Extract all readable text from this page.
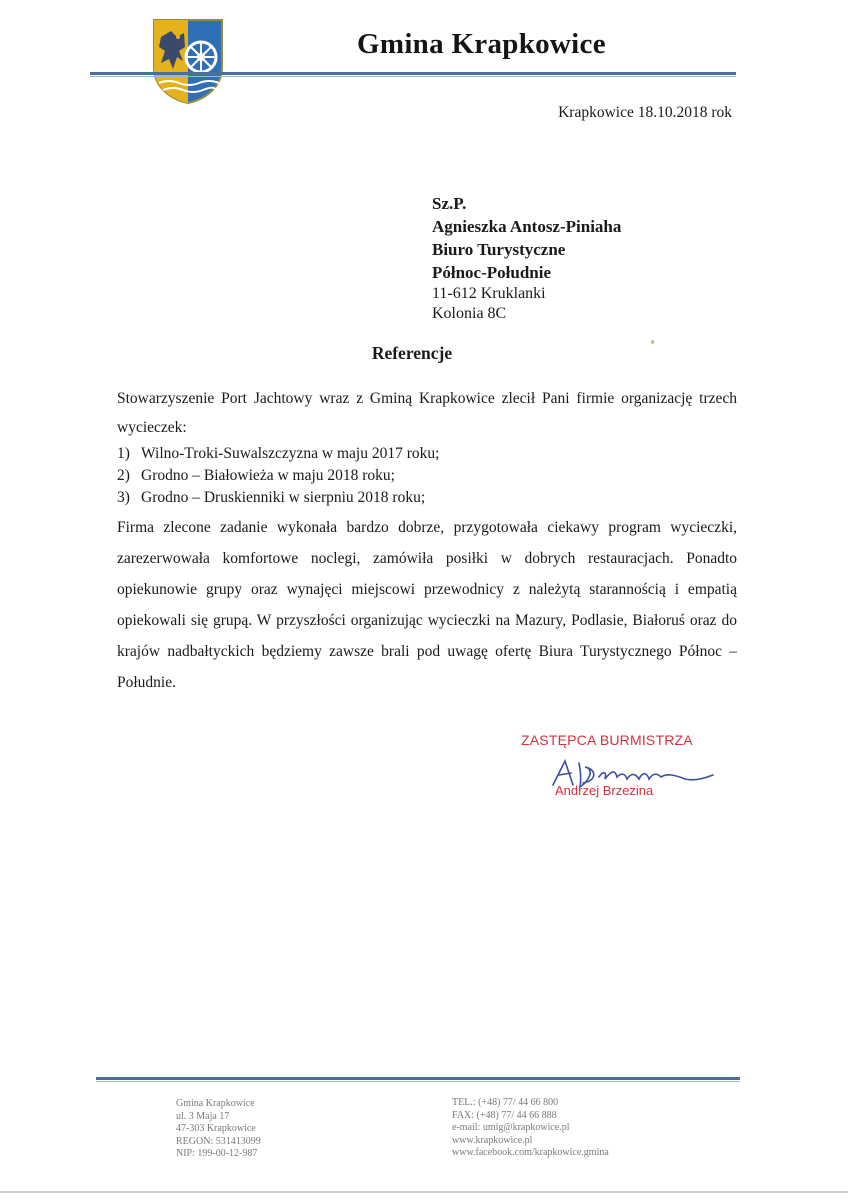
Gmina Krapkowice
Krapkowice 18.10.2018 rok
Sz.P.
Agnieszka Antosz-Piniaha
Biuro Turystyczne
Północ-Południe
11-612 Kruklanki
Kolonia 8C
Referencje
Stowarzyszenie Port Jachtowy wraz z Gminą Krapkowice zlecił Pani firmie organizację trzech wycieczek:
1) Wilno-Troki-Suwalszczyzna w maju 2017 roku;
2) Grodno – Białowieża w maju 2018 roku;
3) Grodno – Druskienniki w sierpniu 2018 roku;
Firma zlecone zadanie wykonała bardzo dobrze, przygotowała ciekawy program wycieczki, zarezerwowała komfortowe noclegi, zamówiła posiłki w dobrych restauracjach. Ponadto opiekunowie grupy oraz wynajęci miejscowi przewodnicy z należytą starannością i empatią opiekowali się grupą. W przyszłości organizując wycieczki na Mazury, Podlasie, Białoruś oraz do krajów nadbałtyckich będziemy zawsze brali pod uwagę ofertę Biura Turystycznego Północ – Południe.
ZASTĘPCA BURMISTRZA
Andrzej Brzezina
Gmina Krapkowice
ul. 3 Maja 17
47-303 Krapkowice
REGON: 531413099
NIP: 199-00-12-987
TEL.: (+48) 77/ 44 66 800
FAX: (+48) 77/ 44 66 888
e-mail: umig@krapkowice.pl
www.krapkowice.pl
www.facebook.com/krapkowice.gmina
